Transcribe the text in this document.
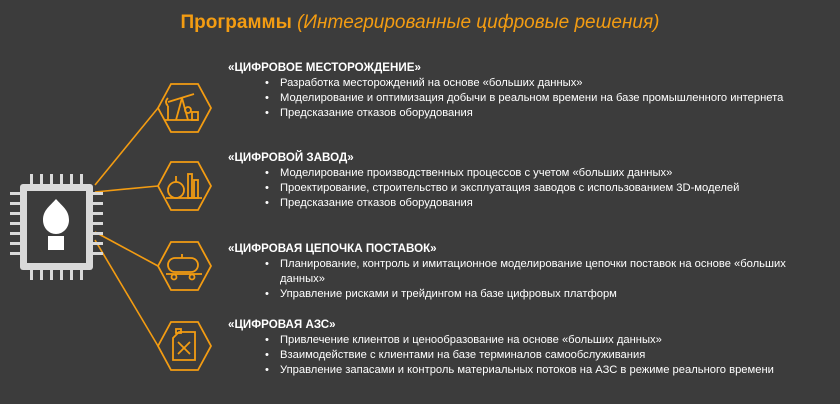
Программы (Интегрированные цифровые решения)
«ЦИФРОВОЕ МЕСТОРОЖДЕНИЕ»
• Разработка месторождений на основе «больших данных»
• Моделирование и оптимизация добычи в реальном времени на базе промышленного интернета
• Предсказание отказов оборудования
«ЦИФРОВОЙ ЗАВОД»
• Моделирование производственных процессов с учетом «больших данных»
• Проектирование, строительство и эксплуатация заводов с использованием 3D-моделей
• Предсказание отказов оборудования
«ЦИФРОВАЯ ЦЕПОЧКА ПОСТАВОК»
• Планирование, контроль и имитационное моделирование цепочки поставок на основе «больших данных»
• Управление рисками и трейдингом на базе цифровых платформ
«ЦИФРОВАЯ АЗС»
• Привлечение клиентов и ценообразование на основе «больших данных»
• Взаимодействие с клиентами на базе терминалов самообслуживания
• Управление запасами и контроль материальных потоков на АЗС в режиме реального времени
